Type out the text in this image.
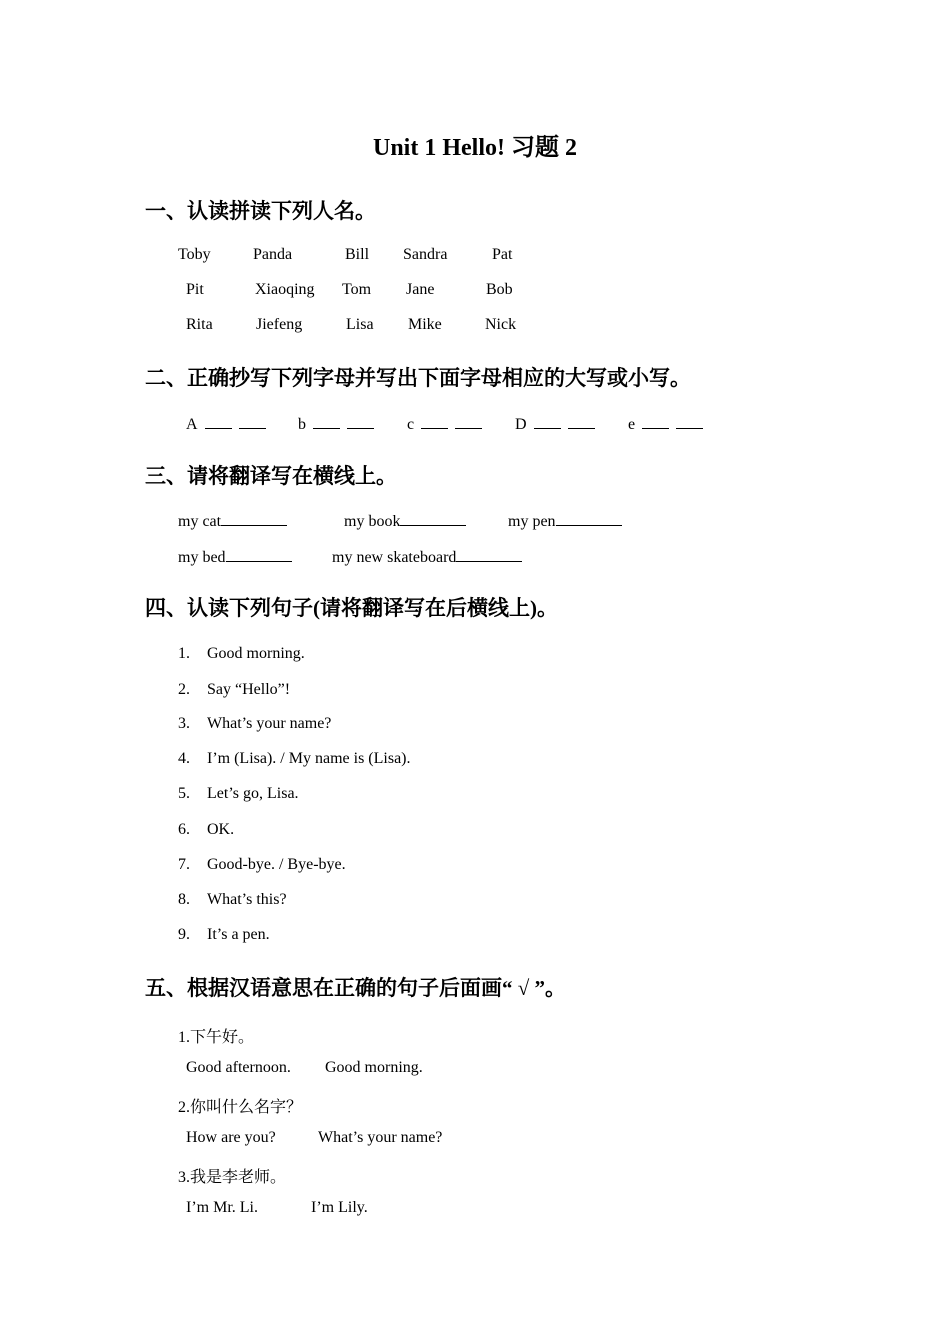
Unit 1 Hello! 习题 2
一、认读拼读下列人名。
Toby	Panda	Bill Sandra	Pat
Pit	Xiaoqing Tom Jane	Bob
Rita	Jiefeng	Lisa Mike	Nick
二、正确抄写下列字母并写出下面字母相应的大写或小写。
A	b	c	D	e
三、请将翻译写在横线上。
my cat	my book	my pen
my bed	my new skateboard
四、认读下列句子(请将翻译写在后横线上)。
1. Good morning.
2. Say “Hello”!
3. What’s your name?
4. I’m (Lisa). / My name is (Lisa).
5. Let’s go, Lisa.
6. OK.
7. Good-bye. / Bye-bye.
8. What’s this?
9. It’s a pen.
五、根据汉语意思在正确的句子后面画“ √ ”。
1.下午好。
Good afternoon. Good morning.
2.你叫什么名字？
How are you?	What’s your name?
3.我是李老师。
I’m Mr. Li.	I’m Lily.
